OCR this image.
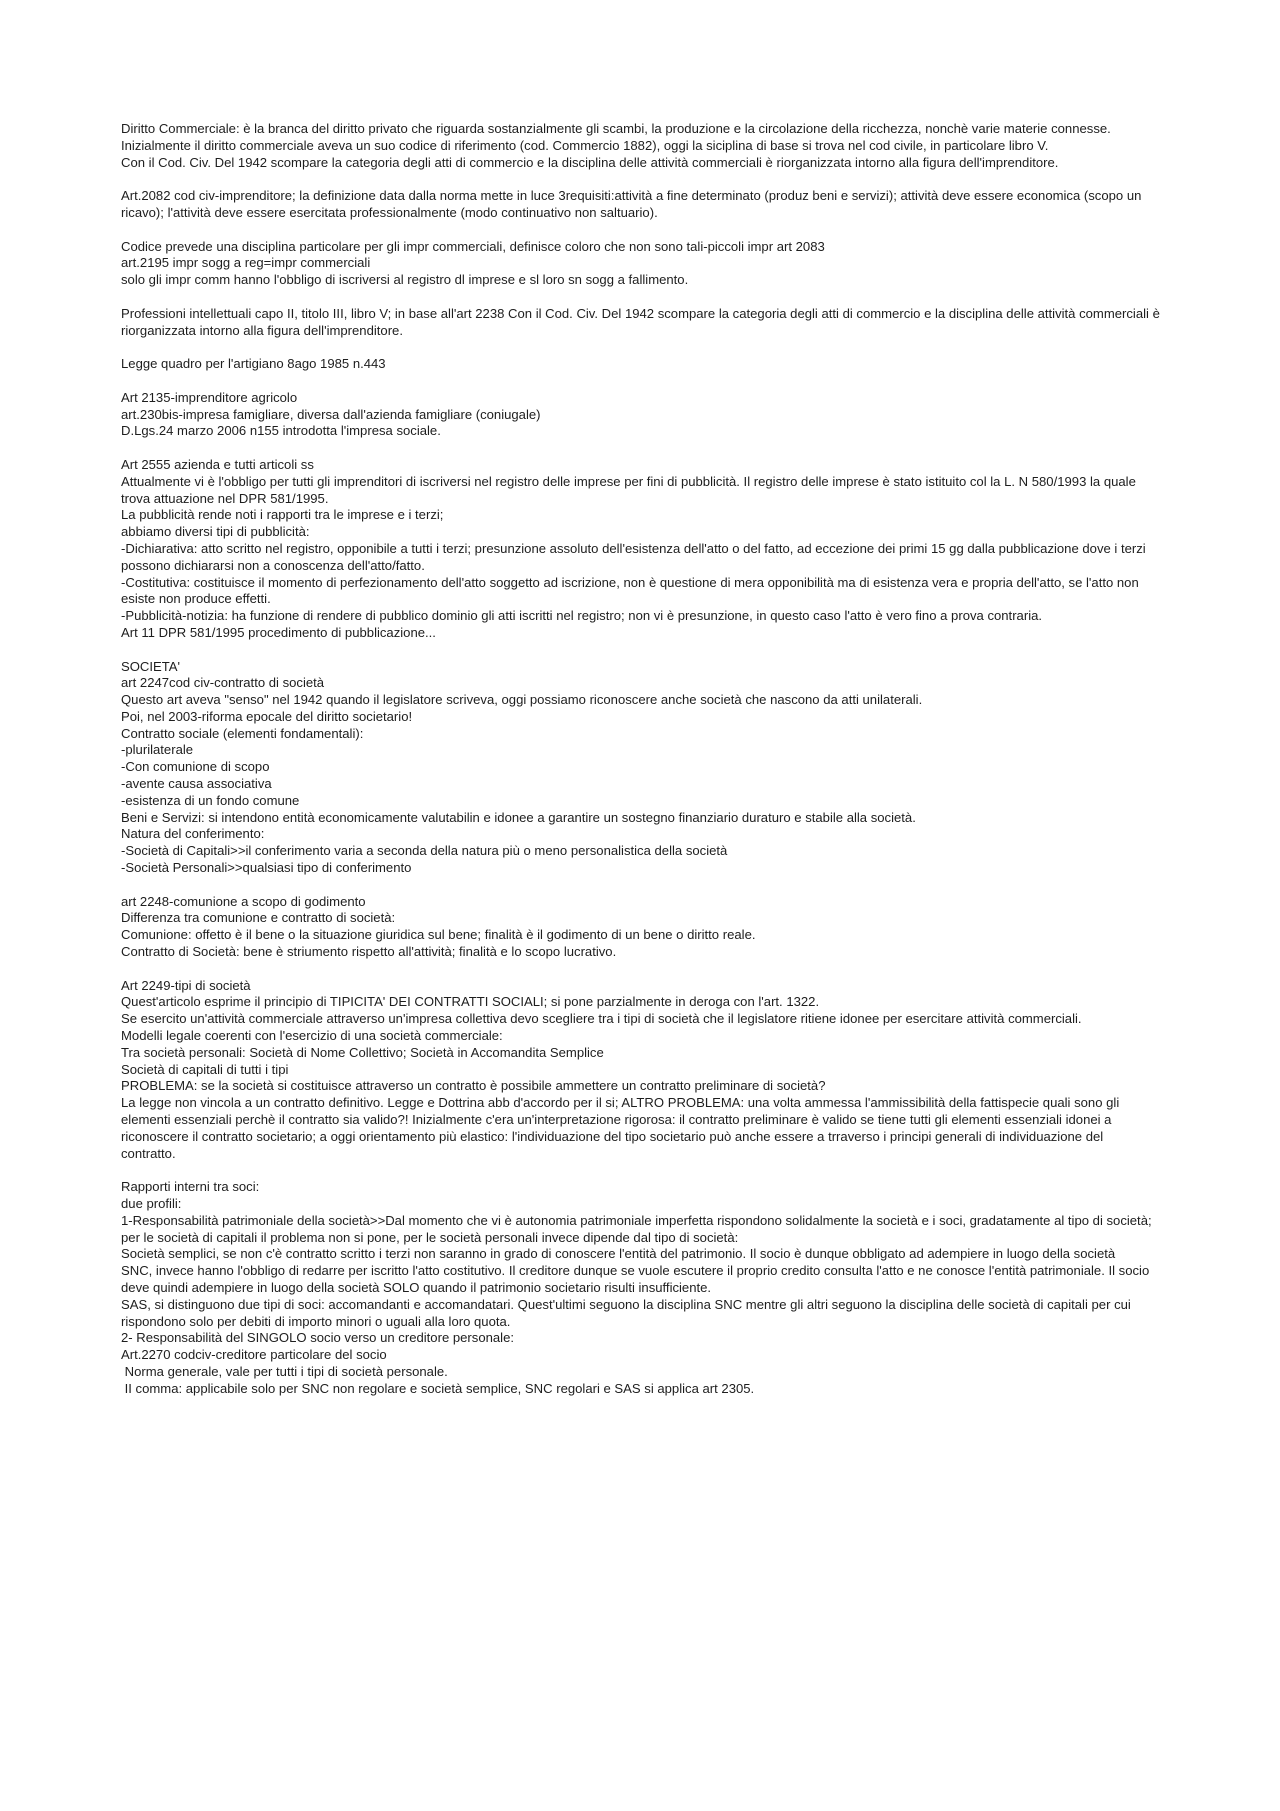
Diritto Commerciale: è la branca del diritto privato che riguarda sostanzialmente gli scambi, la produzione e la circolazione della ricchezza, nonchè varie materie connesse. Inizialmente il diritto commerciale aveva un suo codice di riferimento (cod. Commercio 1882), oggi la siciplina di base si trova nel cod civile, in particolare libro V.
Con il Cod. Civ. Del 1942 scompare la categoria degli atti di commercio e la disciplina delle attività commerciali è riorganizzata intorno alla figura dell'imprenditore.
Art.2082 cod civ-imprenditore; la definizione data dalla norma mette in luce 3requisiti:attività a fine determinato (produz beni e servizi); attività deve essere economica (scopo un ricavo); l'attività deve essere esercitata professionalmente (modo continuativo non saltuario).
Codice prevede una disciplina particolare per gli impr commerciali, definisce coloro che non sono tali-piccoli impr art 2083
art.2195 impr sogg a reg=impr commerciali
solo gli impr comm hanno l'obbligo di iscriversi al registro dl imprese e sl loro sn sogg a fallimento.
Professioni intellettuali capo II, titolo III, libro V; in base all'art 2238 Con il Cod. Civ. Del 1942 scompare la categoria degli atti di commercio e la disciplina delle attività commerciali è riorganizzata intorno alla figura dell'imprenditore.
Legge quadro per l'artigiano 8ago 1985 n.443
Art 2135-imprenditore agricolo
art.230bis-impresa famigliare, diversa dall'azienda famigliare (coniugale)
D.Lgs.24 marzo 2006 n155 introdotta l'impresa sociale.
Art 2555 azienda e tutti articoli ss
Attualmente vi è l'obbligo per tutti gli imprenditori di iscriversi nel registro delle imprese per fini di pubblicità. Il registro delle imprese è stato istituito col la L. N 580/1993 la quale trova attuazione nel DPR 581/1995.
La pubblicità rende noti i rapporti tra le imprese e i terzi;
abbiamo diversi tipi di pubblicità:
-Dichiarativa: atto scritto nel registro, opponibile a tutti i terzi; presunzione assoluto dell'esistenza dell'atto o del fatto, ad eccezione dei primi 15 gg dalla pubblicazione dove i terzi possono dichiararsi non a conoscenza dell'atto/fatto.
-Costitutiva: costituisce il momento di perfezionamento dell'atto soggetto ad iscrizione, non è questione di mera opponibilità ma di esistenza vera e propria dell'atto, se l'atto non esiste non produce effetti.
-Pubblicità-notizia: ha funzione di rendere di pubblico dominio gli atti iscritti nel registro; non vi è presunzione, in questo caso l'atto è vero fino a prova contraria.
Art 11 DPR 581/1995 procedimento di pubblicazione...
SOCIETA'
art 2247cod civ-contratto di società
Questo art aveva "senso" nel 1942 quando il legislatore scriveva, oggi possiamo riconoscere anche società che nascono da atti unilaterali.
Poi, nel 2003-riforma epocale del diritto societario!
Contratto sociale (elementi fondamentali):
-plurilaterale
-Con comunione di scopo
-avente causa associativa
-esistenza di un fondo comune
Beni e Servizi: si intendono entità economicamente valutabilin e idonee a garantire un sostegno finanziario duraturo e stabile alla società.
Natura del conferimento:
-Società di Capitali>>il conferimento varia a seconda della natura più o meno personalistica della società
-Società Personali>>qualsiasi tipo di conferimento
art 2248-comunione a scopo di godimento
Differenza tra comunione e contratto di società:
Comunione: offetto è il bene o la situazione giuridica sul bene; finalità è il godimento di un bene o diritto reale.
Contratto di Società: bene è striumento rispetto all'attività; finalità e lo scopo lucrativo.
Art 2249-tipi di società
Quest'articolo esprime il principio di TIPICITA' DEI CONTRATTI SOCIALI; si pone parzialmente in deroga con l'art. 1322.
Se esercito un'attività commerciale attraverso un'impresa collettiva devo scegliere tra i tipi di società che il legislatore ritiene idonee per esercitare attività commerciali.
Modelli legale coerenti con l'esercizio di una società commerciale:
Tra società personali: Società di Nome Collettivo; Società in Accomandita Semplice
Società di capitali di tutti i tipi
PROBLEMA: se la società si costituisce attraverso un contratto è possibile ammettere un contratto preliminare di società?
La legge non vincola a un contratto definitivo. Legge e Dottrina abb d'accordo per il si; ALTRO PROBLEMA: una volta ammessa l'ammissibilità della fattispecie quali sono gli elementi essenziali perchè il contratto sia valido?! Inizialmente c'era un'interpretazione rigorosa: il contratto preliminare è valido se tiene tutti gli elementi essenziali idonei a riconoscere il contratto societario; a oggi orientamento più elastico: l'individuazione del tipo societario può anche essere a trraverso i principi generali di individuazione del contratto.
Rapporti interni tra soci:
due profili:
1-Responsabilità patrimoniale della società>>Dal momento che vi è autonomia patrimoniale imperfetta rispondono solidalmente la società e i soci, gradatamente al tipo di società; per le società di capitali il problema non si pone, per le società personali invece dipende dal tipo di società:
Società semplici, se non c'è contratto scritto i terzi non saranno in grado di conoscere l'entità del patrimonio. Il socio è dunque obbligato ad adempiere in luogo della società
SNC, invece hanno l'obbligo di redarre per iscritto l'atto costitutivo. Il creditore dunque se vuole escutere il proprio credito consulta l'atto e ne conosce l'entità patrimoniale. Il socio deve quindi adempiere in luogo della società SOLO quando il patrimonio societario risulti insufficiente.
SAS, si distinguono due tipi di soci: accomandanti e accomandatari. Quest'ultimi seguono la disciplina SNC mentre gli altri seguono la disciplina delle società di capitali per cui rispondono solo per debiti di importo minori o uguali alla loro quota.
2- Responsabilità del SINGOLO socio verso un creditore personale:
Art.2270 codciv-creditore particolare del socio
Norma generale, vale per tutti i tipi di società personale.
II comma: applicabile solo per SNC non regolare e società semplice, SNC regolari e SAS si applica art 2305.
